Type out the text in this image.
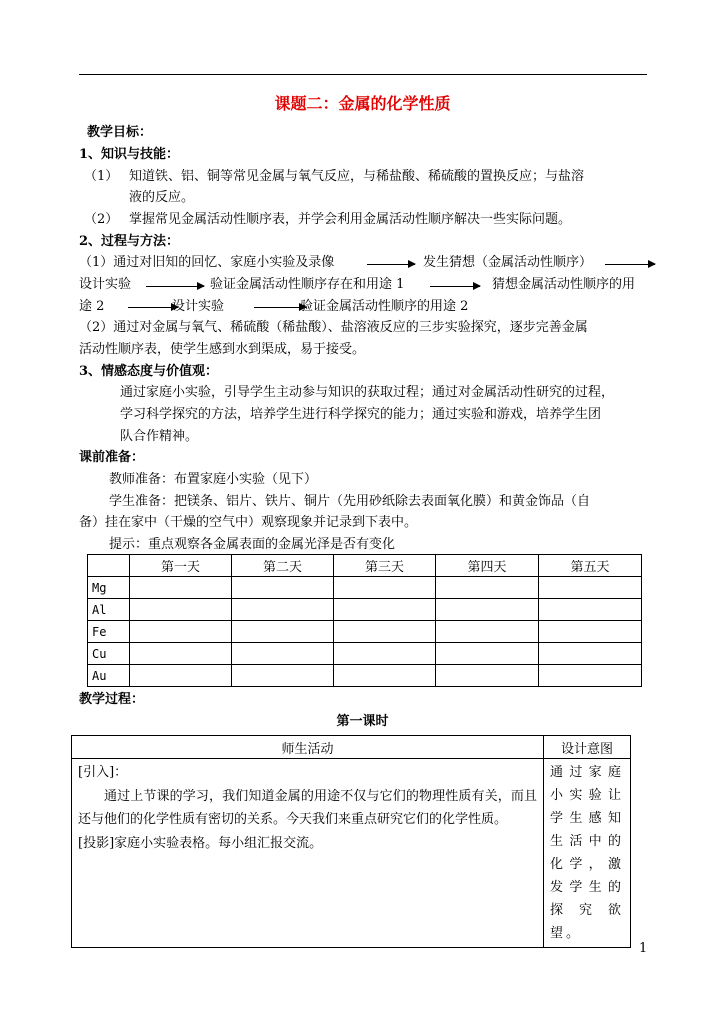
课题二：金属的化学性质
教学目标：
1、知识与技能：
（1） 知道铁、铝、铜等常见金属与氧气反应，与稀盐酸、稀硫酸的置换反应；与盐溶
液的反应。
（2） 掌握常见金属活动性顺序表，并学会利用金属活动性顺序解决一些实际问题。
2、过程与方法：
（1）通过对旧知的回忆、家庭小实验及录像	发生猜想（金属活动性顺序）
设计实验	验证金属活动性顺序存在和用途 1	猜想金属活动性顺序的用
途 2	设计实验	验证金属活动性顺序的用途 2
（2）通过对金属与氧气、稀硫酸（稀盐酸）、盐溶液反应的三步实验探究，逐步完善金属
活动性顺序表，使学生感到水到渠成，易于接受。
3、情感态度与价值观：
通过家庭小实验，引导学生主动参与知识的获取过程；通过对金属活动性研究的过程，
学习科学探究的方法，培养学生进行科学探究的能力；通过实验和游戏，培养学生团
队合作精神。
课前准备：
教师准备：布置家庭小实验（见下）
学生准备：把镁条、铝片、铁片、铜片（先用砂纸除去表面氧化膜）和黄金饰品（自
备）挂在家中（干燥的空气中）观察现象并记录到下表中。
提示：重点观察各金属表面的金属光泽是否有变化
	第一天	第二天	第三天	第四天	第五天
Mg					
Al					
Fe					
Cu					
Au					
教学过程：
第一课时
师生活动	设计意图

[引入]：
通过上节课的学习，我们知道金属的用途不仅与它们的物理性质有关，而且还与他们的化学性质有密切的关系。今天我们来重点研究它们的化学性质。
[投影]家庭小实验表格。每小组汇报交流。	通过家庭小实验让学生感知生活中的化学，激发学生的探究欲望。
1
